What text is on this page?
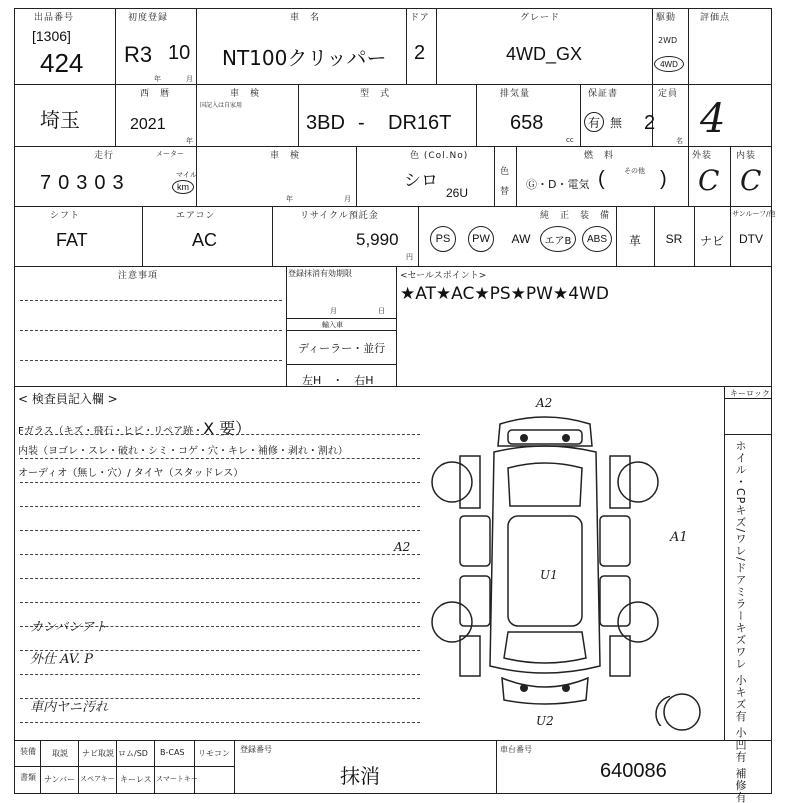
出品番号
[1306]
424
初度登録
R3 10
年	月
車　名
NT100クリッパー
ドア
2
グレード
4WD_GX
駆動
2WD
4WD
評価点
4
埼玉
西　暦
2021
年
車　検
国記入は自家用
型　式
3BD - DR16T
排気量
658
cc
保証書
有 無
定員
2
名
走行	メーター
70303	マイル
km
車　検
年	月
色 (Col.No)
シロ
26U
色
替
燃　料
Ⓖ・D・電気 (	その他 )
外装
C
内装
C
シフト
FAT
エアコン
AC
リサイクル預託金
5,990
円
純　正　装　備	サンルーフ/他
PS PW	AW	エアB ABS	革	SR	ナビ	DTV
注意事項	登録抹消有効期限
月	日
輸入車
ディーラー・並行
左H　・　右H
<セールスポイント>
★AT★AC★PS★PW★4WD
< 検査員記入欄 >
Fガラス（キズ・飛石・ヒビ・リペア跡・X 要）
内装（ヨゴレ・スレ・破れ・シミ・コゲ・穴・キレ・補修・剥れ・割れ）
オーディオ（無し・穴）/ タイヤ（スタッドレス）
カンバンアト
外仕 AV. P
車内ヤニ汚れ
キーロック
ホイル・CPキズ/ワレ/ドアミラーキズワレ 小キズ有 小凹有 補修有
A2
A2
A1
U1
U2
装備
書類
取説 ナビ取説 ロム/SD B-CAS リモコン
ナンバー スペアキー キーレス スマートキー
登録番号
抹消
車台番号
640086
